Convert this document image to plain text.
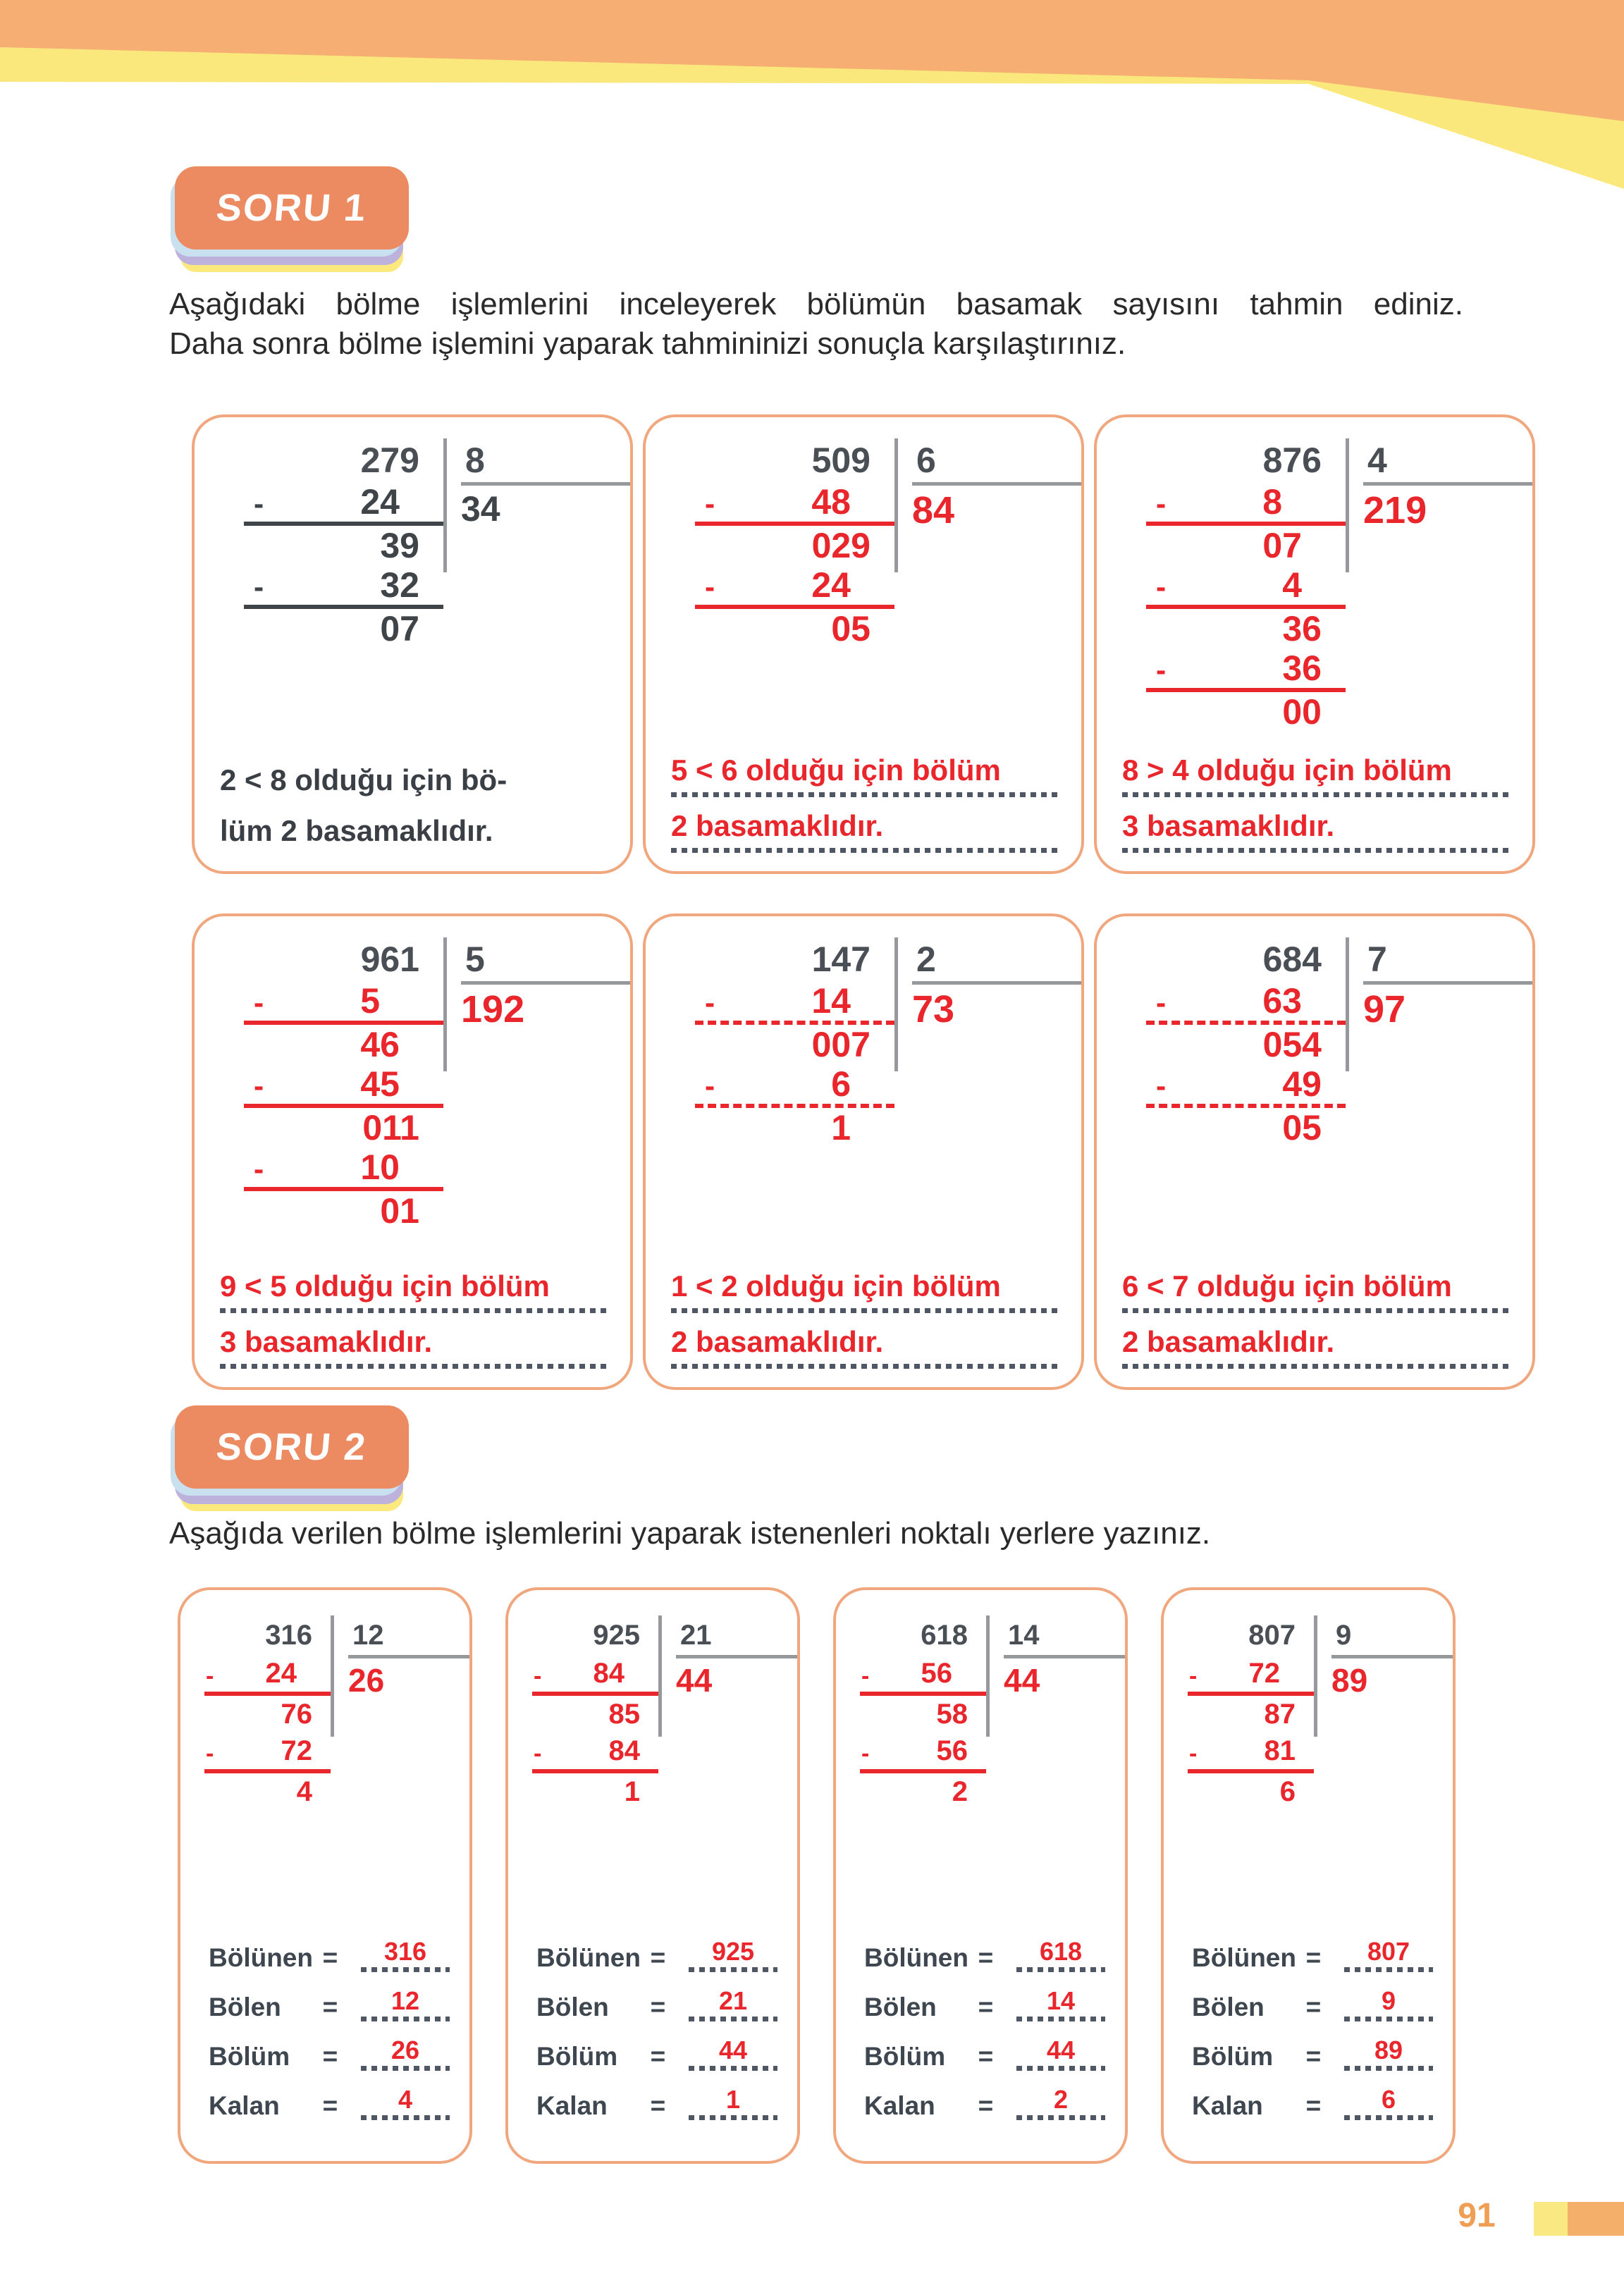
SORU 1
Aşağıdaki bölme işlemlerini inceleyerek bölümün basamak sayısını tahmin ediniz.
Daha sonra bölme işlemini yaparak tahmininizi sonuçla karşılaştırınız.
279
-	24
39
-	32
07
8
34
2 < 8 olduğu için bö-
lüm 2 basamaklıdır.
509
-	48
029
-	24
05
6
84
5 < 6 olduğu için bölüm
2 basamaklıdır.
876
-	8
07
-	4
36
-	36
00
4
219
8 > 4 olduğu için bölüm
3 basamaklıdır.
961
-	5
46
-	45
011
-	10
01
5
192
9 < 5 olduğu için bölüm
3 basamaklıdır.
147
-	14
007
-	6
1
2
73
1 < 2 olduğu için bölüm
2 basamaklıdır.
684
-	63
054
-	49
05
7
97
6 < 7 olduğu için bölüm
2 basamaklıdır.
SORU 2
Aşağıda verilen bölme işlemlerini yaparak istenenleri noktalı yerlere yazınız.
316
- 24
76
- 72
4
12
26
Bölünen =	316
Bölen	=	12
Bölüm	=	26
Kalan	=	4
925
- 84
85
- 84
1
21
44
Bölünen =	925
Bölen	=	21
Bölüm	=	44
Kalan	=	1
618
- 56
58
- 56
2
14
44
Bölünen =	618
Bölen	=	14
Bölüm	=	44
Kalan	=	2
807
- 72
87
- 81
6
9
89
Bölünen =	807
Bölen	=	9
Bölüm	=	89
Kalan	=	6
91
